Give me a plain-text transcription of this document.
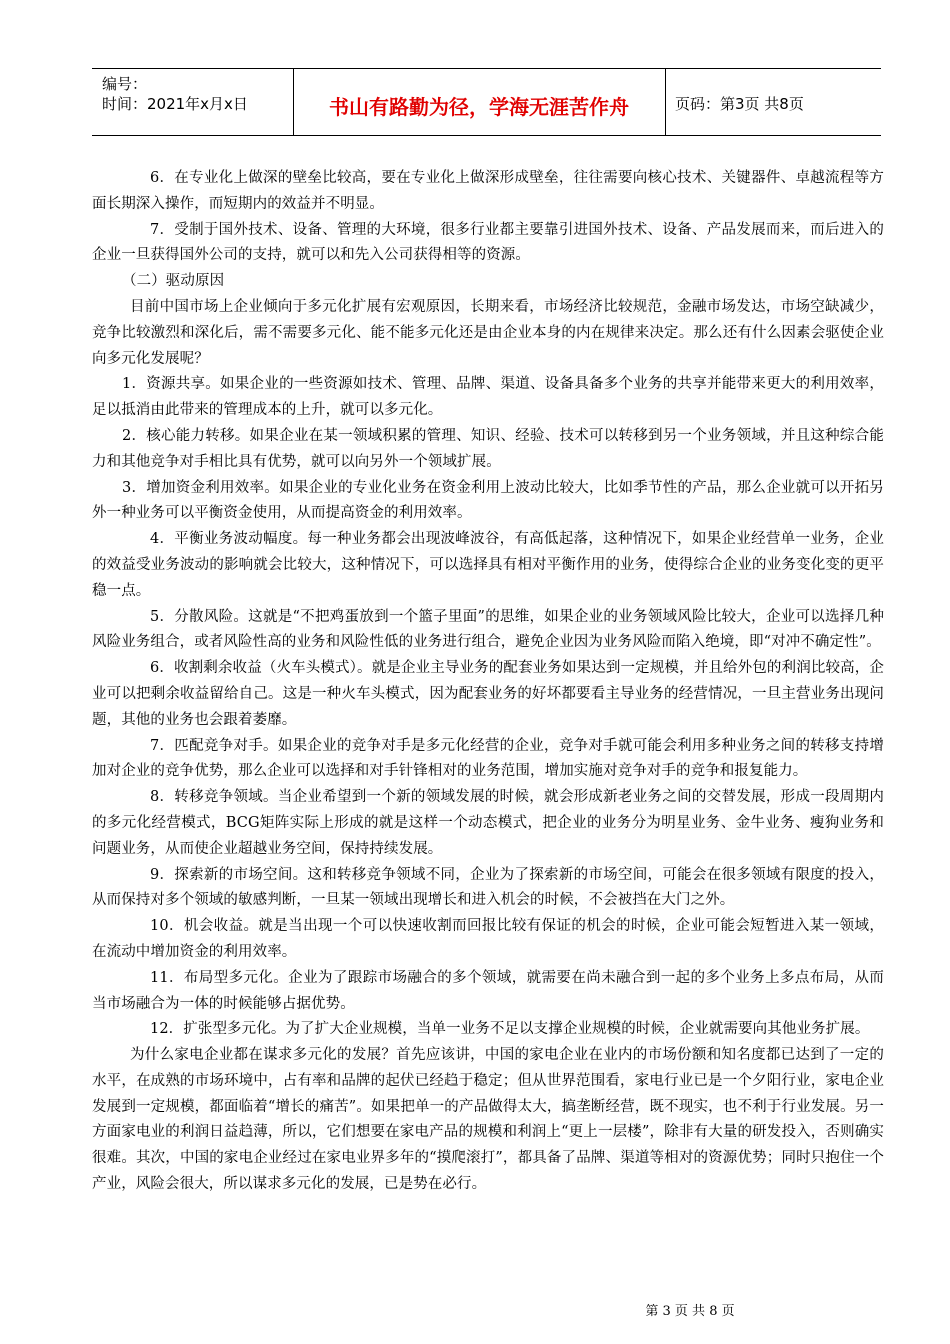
编号：
时间：2021年x月x日	书山有路勤为径，学海无涯苦作舟	页码：第3页 共8页

6．在专业化上做深的壁垒比较高，要在专业化上做深形成壁垒，往往需要向核心技术、关键器件、卓越流程等方面长期深入操作，而短期内的效益并不明显。

7．受制于国外技术、设备、管理的大环境，很多行业都主要靠引进国外技术、设备、产品发展而来，而后进入的企业一旦获得国外公司的支持，就可以和先入公司获得相等的资源。

（二）驱动原因

目前中国市场上企业倾向于多元化扩展有宏观原因，长期来看，市场经济比较规范，金融市场发达，市场空缺减少，竞争比较激烈和深化后，需不需要多元化、能不能多元化还是由企业本身的内在规律来决定。那么还有什么因素会驱使企业向多元化发展呢？

1．资源共享。如果企业的一些资源如技术、管理、品牌、渠道、设备具备多个业务的共享并能带来更大的利用效率，足以抵消由此带来的管理成本的上升，就可以多元化。

2．核心能力转移。如果企业在某一领域积累的管理、知识、经验、技术可以转移到另一个业务领域，并且这种综合能力和其他竞争对手相比具有优势，就可以向另外一个领域扩展。

3．增加资金利用效率。如果企业的专业化业务在资金利用上波动比较大，比如季节性的产品，那么企业就可以开拓另外一种业务可以平衡资金使用，从而提高资金的利用效率。

4．平衡业务波动幅度。每一种业务都会出现波峰波谷，有高低起落，这种情况下，如果企业经营单一业务，企业的效益受业务波动的影响就会比较大，这种情况下，可以选择具有相对平衡作用的业务，使得综合企业的业务变化变的更平稳一点。

5．分散风险。这就是“不把鸡蛋放到一个篮子里面”的思维，如果企业的业务领域风险比较大，企业可以选择几种风险业务组合，或者风险性高的业务和风险性低的业务进行组合，避免企业因为业务风险而陷入绝境，即“对冲不确定性”。

6．收割剩余收益（火车头模式）。就是企业主导业务的配套业务如果达到一定规模，并且给外包的利润比较高，企业可以把剩余收益留给自己。这是一种火车头模式，因为配套业务的好坏都要看主导业务的经营情况，一旦主营业务出现问题，其他的业务也会跟着萎靡。

7．匹配竞争对手。如果企业的竞争对手是多元化经营的企业，竞争对手就可能会利用多种业务之间的转移支持增加对企业的竞争优势，那么企业可以选择和对手针锋相对的业务范围，增加实施对竞争对手的竞争和报复能力。

8．转移竞争领域。当企业希望到一个新的领域发展的时候，就会形成新老业务之间的交替发展，形成一段周期内的多元化经营模式，BCG矩阵实际上形成的就是这样一个动态模式，把企业的业务分为明星业务、金牛业务、瘦狗业务和问题业务，从而使企业超越业务空间，保持持续发展。

9．探索新的市场空间。这和转移竞争领域不同，企业为了探索新的市场空间，可能会在很多领域有限度的投入，从而保持对多个领域的敏感判断，一旦某一领域出现增长和进入机会的时候，不会被挡在大门之外。

10．机会收益。就是当出现一个可以快速收割而回报比较有保证的机会的时候，企业可能会短暂进入某一领域，在流动中增加资金的利用效率。

11．布局型多元化。企业为了跟踪市场融合的多个领域，就需要在尚未融合到一起的多个业务上多点布局，从而当市场融合为一体的时候能够占据优势。

12．扩张型多元化。为了扩大企业规模，当单一业务不足以支撑企业规模的时候，企业就需要向其他业务扩展。

为什么家电企业都在谋求多元化的发展？首先应该讲，中国的家电企业在业内的市场份额和知名度都已达到了一定的水平，在成熟的市场环境中，占有率和品牌的起伏已经趋于稳定；但从世界范围看，家电行业已是一个夕阳行业，家电企业发展到一定规模，都面临着“增长的痛苦”。如果把单一的产品做得太大，搞垄断经营，既不现实，也不利于行业发展。另一方面家电业的利润日益趋薄，所以，它们想要在家电产品的规模和利润上“更上一层楼”，除非有大量的研发投入，否则确实很难。其次，中国的家电企业经过在家电业界多年的“摸爬滚打”，都具备了品牌、渠道等相对的资源优势；同时只抱住一个产业，风险会很大，所以谋求多元化的发展，已是势在必行。

第 3 页 共 8 页
